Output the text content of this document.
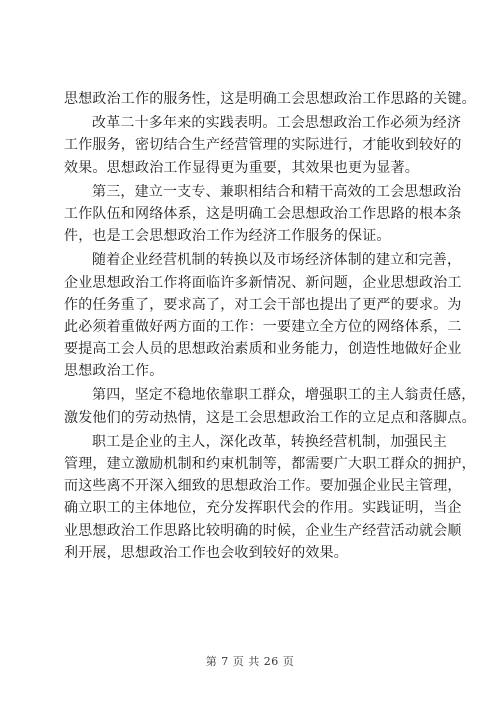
思想政治工作的服务性，这是明确工会思想政治工作思路的关键。
改革二十多年来的实践表明。工会思想政治工作必须为经济
工作服务，密切结合生产经营管理的实际进行，才能收到较好的
效果。思想政治工作显得更为重要，其效果也更为显著。
第三，建立一支专、兼职相结合和精干高效的工会思想政治
工作队伍和网络体系，这是明确工会思想政治工作思路的根本条
件，也是工会思想政治工作为经济工作服务的保证。
随着企业经营机制的转换以及市场经济体制的建立和完善，
企业思想政治工作将面临许多新情况、新问题，企业思想政治工
作的任务重了，要求高了，对工会干部也提出了更严的要求。为
此必须着重做好两方面的工作：一要建立全方位的网络体系，二
要提高工会人员的思想政治素质和业务能力，创造性地做好企业
思想政治工作。
第四，坚定不稳地依靠职工群众，增强职工的主人翁责任感，
激发他们的劳动热情，这是工会思想政治工作的立足点和落脚点。
职工是企业的主人，深化改革，转换经营机制，加强民主
管理，建立激励机制和约束机制等，都需要广大职工群众的拥护，
而这些离不开深入细致的思想政治工作。要加强企业民主管理，
确立职工的主体地位，充分发挥职代会的作用。实践证明，当企
业思想政治工作思路比较明确的时候，企业生产经营活动就会顺
利开展，思想政治工作也会收到较好的效果。
第 7 页 共 26 页
